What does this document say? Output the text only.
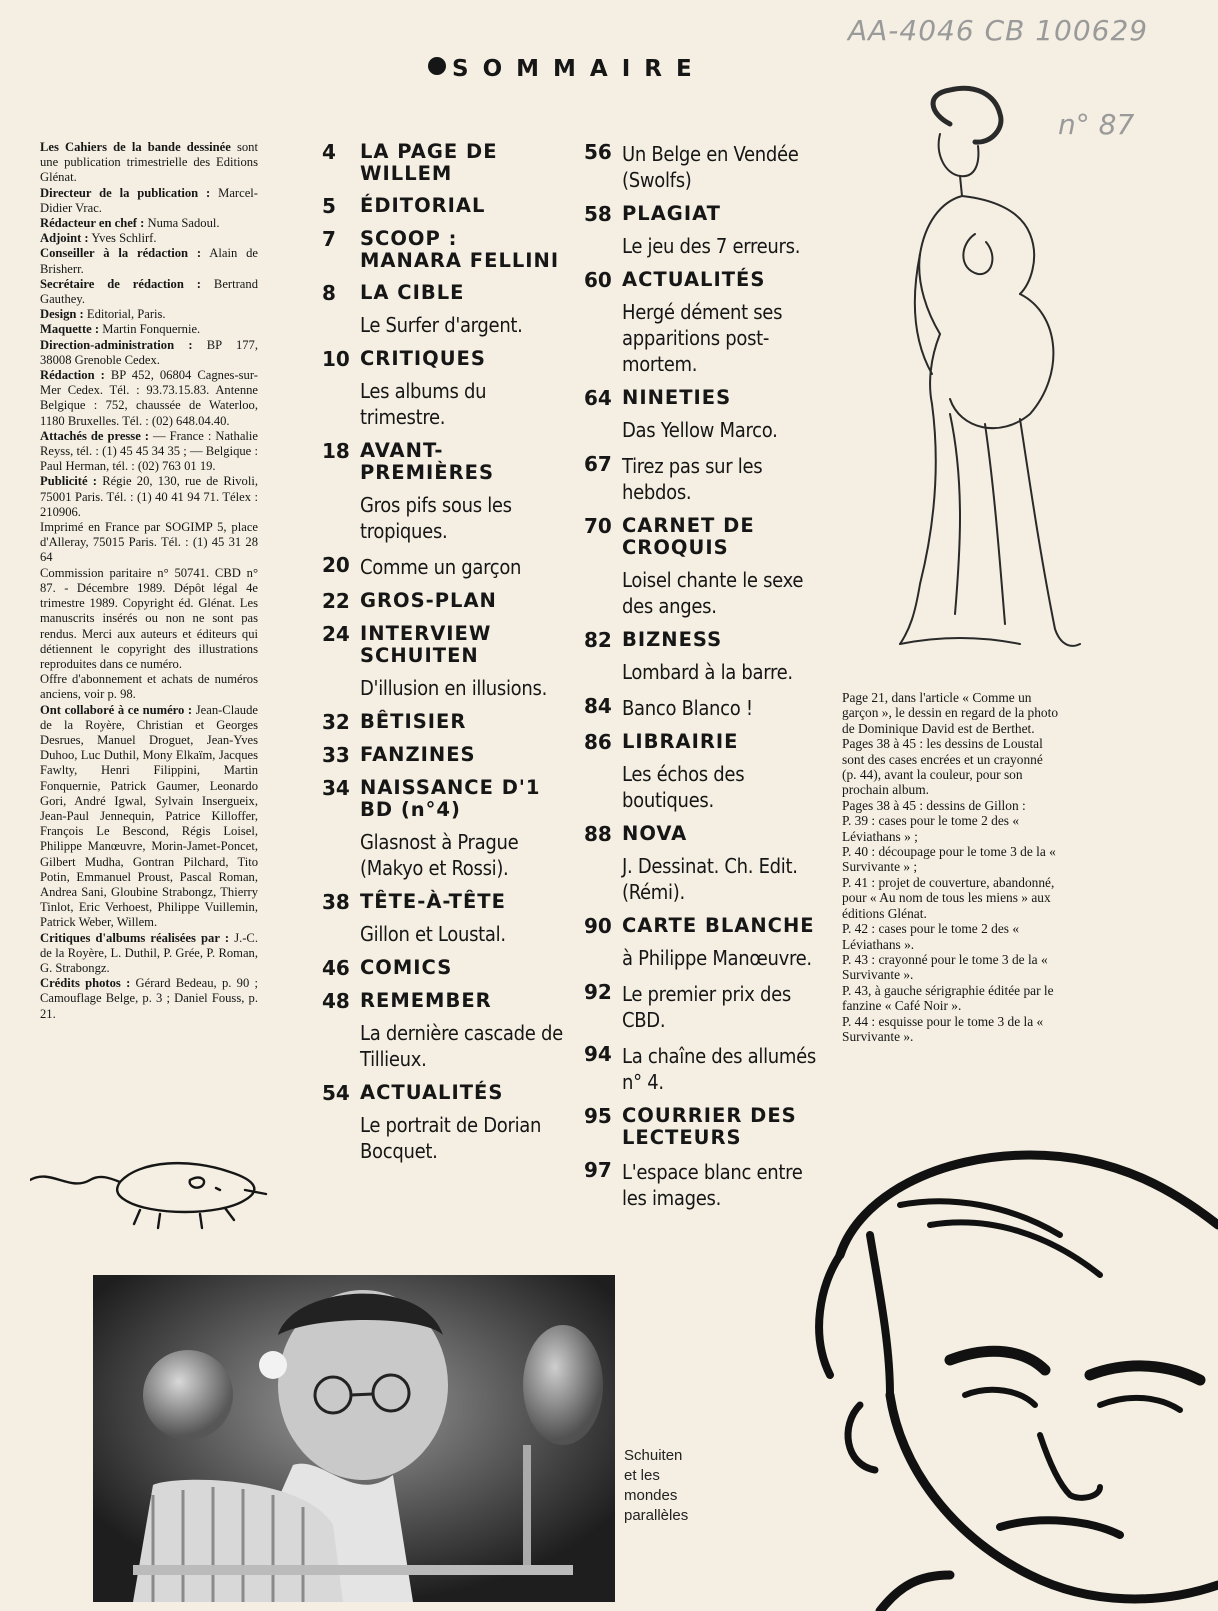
AA-4046 CB 100629
n° 87
SOMMAIRE

Les Cahiers de la bande dessinée sont une publication trimestrielle des Editions Glénat.

Directeur de la publication : Marcel-Didier Vrac.

Rédacteur en chef : Numa Sadoul.

Adjoint : Yves Schlirf.

Conseiller à la rédaction : Alain de Brisherr.

Secrétaire de rédaction : Bertrand Gauthey.

Design : Editorial, Paris.

Maquette : Martin Fonquernie.

Direction-administration : BP 177, 38008 Grenoble Cedex.

Rédaction : BP 452, 06804 Cagnes-sur-Mer Cedex. Tél. : 93.73.15.83. Antenne Belgique : 752, chaussée de Waterloo, 1180 Bruxelles. Tél. : (02) 648.04.40.

Attachés de presse : — France : Nathalie Reyss, tél. : (1) 45 45 34 35 ; — Belgique : Paul Herman, tél. : (02) 763 01 19.

Publicité : Régie 20, 130, rue de Rivoli, 75001 Paris. Tél. : (1) 40 41 94 71. Télex : 210906.

Imprimé en France par SOGIMP 5, place d'Alleray, 75015 Paris. Tél. : (1) 45 31 28 64

Commission paritaire n° 50741. CBD n° 87. - Décembre 1989. Dépôt légal 4e trimestre 1989. Copyright éd. Glénat. Les manuscrits insérés ou non ne sont pas rendus. Merci aux auteurs et éditeurs qui détiennent le copyright des illustrations reproduites dans ce numéro.

Offre d'abonnement et achats de numéros anciens, voir p. 98.

Ont collaboré à ce numéro : Jean-Claude de la Royère, Christian et Georges Desrues, Manuel Droguet, Jean-Yves Duhoo, Luc Duthil, Mony Elkaïm, Jacques Fawlty, Henri Filippini, Martin Fonquernie, Patrick Gaumer, Leonardo Gori, André Igwal, Sylvain Inserguеix, Jean-Paul Jennequin, Patrice Killoffer, François Le Bescond, Régis Loisel, Philippe Manœuvre, Morin-Jamet-Poncet, Gilbert Mudha, Gontran Pilchard, Tito Potin, Emmanuel Proust, Pascal Roman, Andrea Sani, Gloubine Strabongz, Thierry Tinlot, Eric Verhoest, Philippe Vuillemin, Patrick Weber, Willem.

Critiques d'albums réalisées par : J.-C. de la Royère, L. Duthil, P. Grée, P. Roman, G. Strabongz.

Crédits photos : Gérard Bedeau, p. 90 ; Camouflage Belge, p. 3 ; Daniel Fouss, p. 21.

4	LA PAGE DE WILLEM
5	ÉDITORIAL
7	SCOOP : MANARA FELLINI
8	LA CIBLE
Le Surfer d'argent.
10 CRITIQUES
Les albums du trimestre.
18 AVANT-PREMIÈRES
Gros pifs sous les tropiques.
20 Comme un garçon
22 GROS-PLAN
24 INTERVIEW SCHUITEN
D'illusion en illusions.
32 BÊTISIER
33 FANZINES
34 NAISSANCE D'1 BD (n°4)
Glasnost à Prague (Makyo et Rossi).
38 TÊTE-À-TÊTE
Gillon et Loustal.
46 COMICS
48 REMEMBER
La dernière cascade de Tillieux.
54 ACTUALITÉS
Le portrait de Dorian Bocquet.
56 Un Belge en Vendée (Swolfs)
58 PLAGIAT
Le jeu des 7 erreurs.
60 ACTUALITÉS
Hergé dément ses apparitions post-mortem.
64 NINETIES
Das Yellow Marco.
67 Tirez pas sur les hebdos.
70 CARNET DE CROQUIS
Loisel chante le sexe des anges.
82 BIZNESS
Lombard à la barre.
84 Banco Blanco !
86 LIBRAIRIE
Les échos des boutiques.
88 NOVA
J. Dessinat. Ch. Edit. (Rémi).
90 CARTE BLANCHE
à Philippe Manœuvre.
92 Le premier prix des CBD.
94 La chaîne des allumés n° 4.
95 COURRIER DES LECTEURS
97 L'espace blanc entre les images.

Page 21, dans l'article « Comme un garçon », le dessin en regard de la photo de Dominique David est de Berthet.

Pages 38 à 45 : les dessins de Loustal sont des cases encrées et un crayonné (p. 44), avant la couleur, pour son prochain album.

Pages 38 à 45 : dessins de Gillon :

P. 39 : cases pour le tome 2 des « Léviathans » ;

P. 40 : découpage pour le tome 3 de la « Survivante » ;

P. 41 : projet de couverture, abandonné, pour « Au nom de tous les miens » aux éditions Glénat.

P. 42 : cases pour le tome 2 des « Léviathans ».

P. 43 : crayonné pour le tome 3 de la « Survivante ».

P. 43, à gauche sérigraphie éditée par le fanzine « Café Noir ».

P. 44 : esquisse pour le tome 3 de la « Survivante ».

Schuiten
et les
mondes
parallèles
